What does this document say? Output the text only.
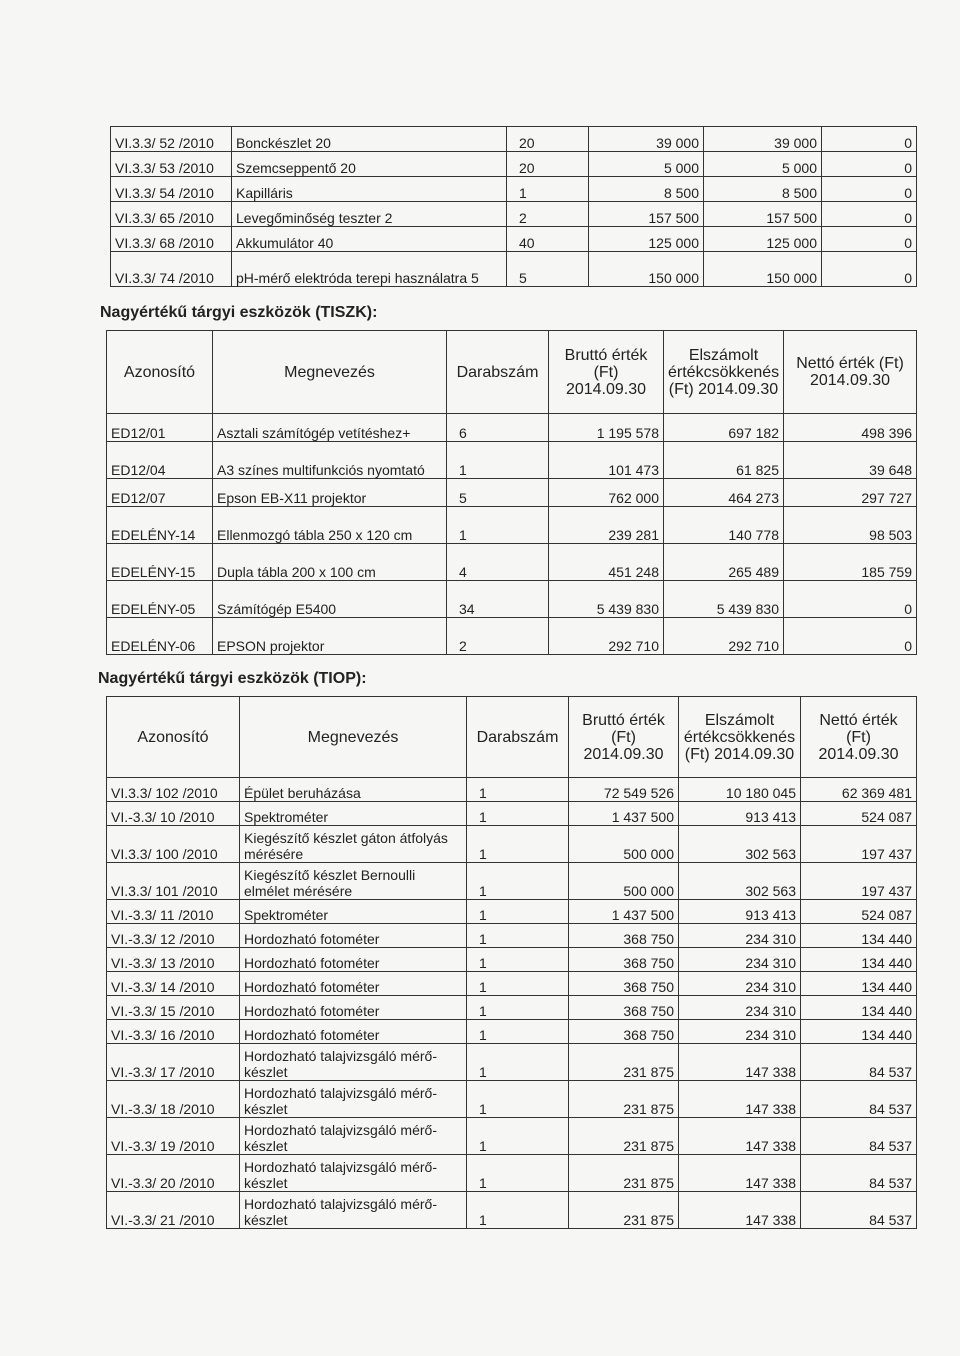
VI.3.3/ 52 /2010	Bonckészlet 20	20	39 000	39 000	0
VI.3.3/ 53 /2010	Szemcseppentő 20	20	5 000	5 000	0
VI.3.3/ 54 /2010	Kapilláris	1	8 500	8 500	0
VI.3.3/ 65 /2010	Levegőminőség teszter 2	2	157 500	157 500	0
VI.3.3/ 68 /2010	Akkumulátor 40	40	125 000	125 000	0
VI.3.3/ 74 /2010	pH-mérő elektróda terepi használatra 5	5	150 000	150 000	0
Nagyértékű tárgyi eszközök (TISZK):
Azonosító	Megnevezés	Darabszám	Bruttó érték (Ft) 2014.09.30	Elszámolt értékcsökkenés (Ft) 2014.09.30	Nettó érték (Ft) 2014.09.30
ED12/01	Asztali számítógép vetítéshez+	6	1 195 578	697 182	498 396
ED12/04	A3 színes multifunkciós nyomtató	1	101 473	61 825	39 648
ED12/07	Epson EB-X11 projektor	5	762 000	464 273	297 727
EDELÉNY-14	Ellenmozgó tábla 250 x 120 cm	1	239 281	140 778	98 503
EDELÉNY-15	Dupla tábla 200 x 100 cm	4	451 248	265 489	185 759
EDELÉNY-05	Számítógép E5400	34	5 439 830	5 439 830	0
EDELÉNY-06	EPSON projektor	2	292 710	292 710	0
Nagyértékű tárgyi eszközök (TIOP):
Azonosító	Megnevezés	Darabszám	Bruttó érték (Ft) 2014.09.30	Elszámolt értékcsökkenés (Ft) 2014.09.30	Nettó érték (Ft) 2014.09.30
VI.3.3/ 102 /2010	Épület beruházása	1	72 549 526	10 180 045	62 369 481
VI.-3.3/ 10 /2010	Spektrométer	1	1 437 500	913 413	524 087
VI.3.3/ 100 /2010	Kiegészítő készlet gáton átfolyás mérésére	1	500 000	302 563	197 437
VI.3.3/ 101 /2010	Kiegészítő készlet Bernoulli elmélet mérésére	1	500 000	302 563	197 437
VI.-3.3/ 11 /2010	Spektrométer	1	1 437 500	913 413	524 087
VI.-3.3/ 12 /2010	Hordozható fotométer	1	368 750	234 310	134 440
VI.-3.3/ 13 /2010	Hordozható fotométer	1	368 750	234 310	134 440
VI.-3.3/ 14 /2010	Hordozható fotométer	1	368 750	234 310	134 440
VI.-3.3/ 15 /2010	Hordozható fotométer	1	368 750	234 310	134 440
VI.-3.3/ 16 /2010	Hordozható fotométer	1	368 750	234 310	134 440
VI.-3.3/ 17 /2010	Hordozható talajvizsgáló mérő-készlet	1	231 875	147 338	84 537
VI.-3.3/ 18 /2010	Hordozható talajvizsgáló mérő-készlet	1	231 875	147 338	84 537
VI.-3.3/ 19 /2010	Hordozható talajvizsgáló mérő-készlet	1	231 875	147 338	84 537
VI.-3.3/ 20 /2010	Hordozható talajvizsgáló mérő-készlet	1	231 875	147 338	84 537
VI.-3.3/ 21 /2010	Hordozható talajvizsgáló mérő-készlet	1	231 875	147 338	84 537
